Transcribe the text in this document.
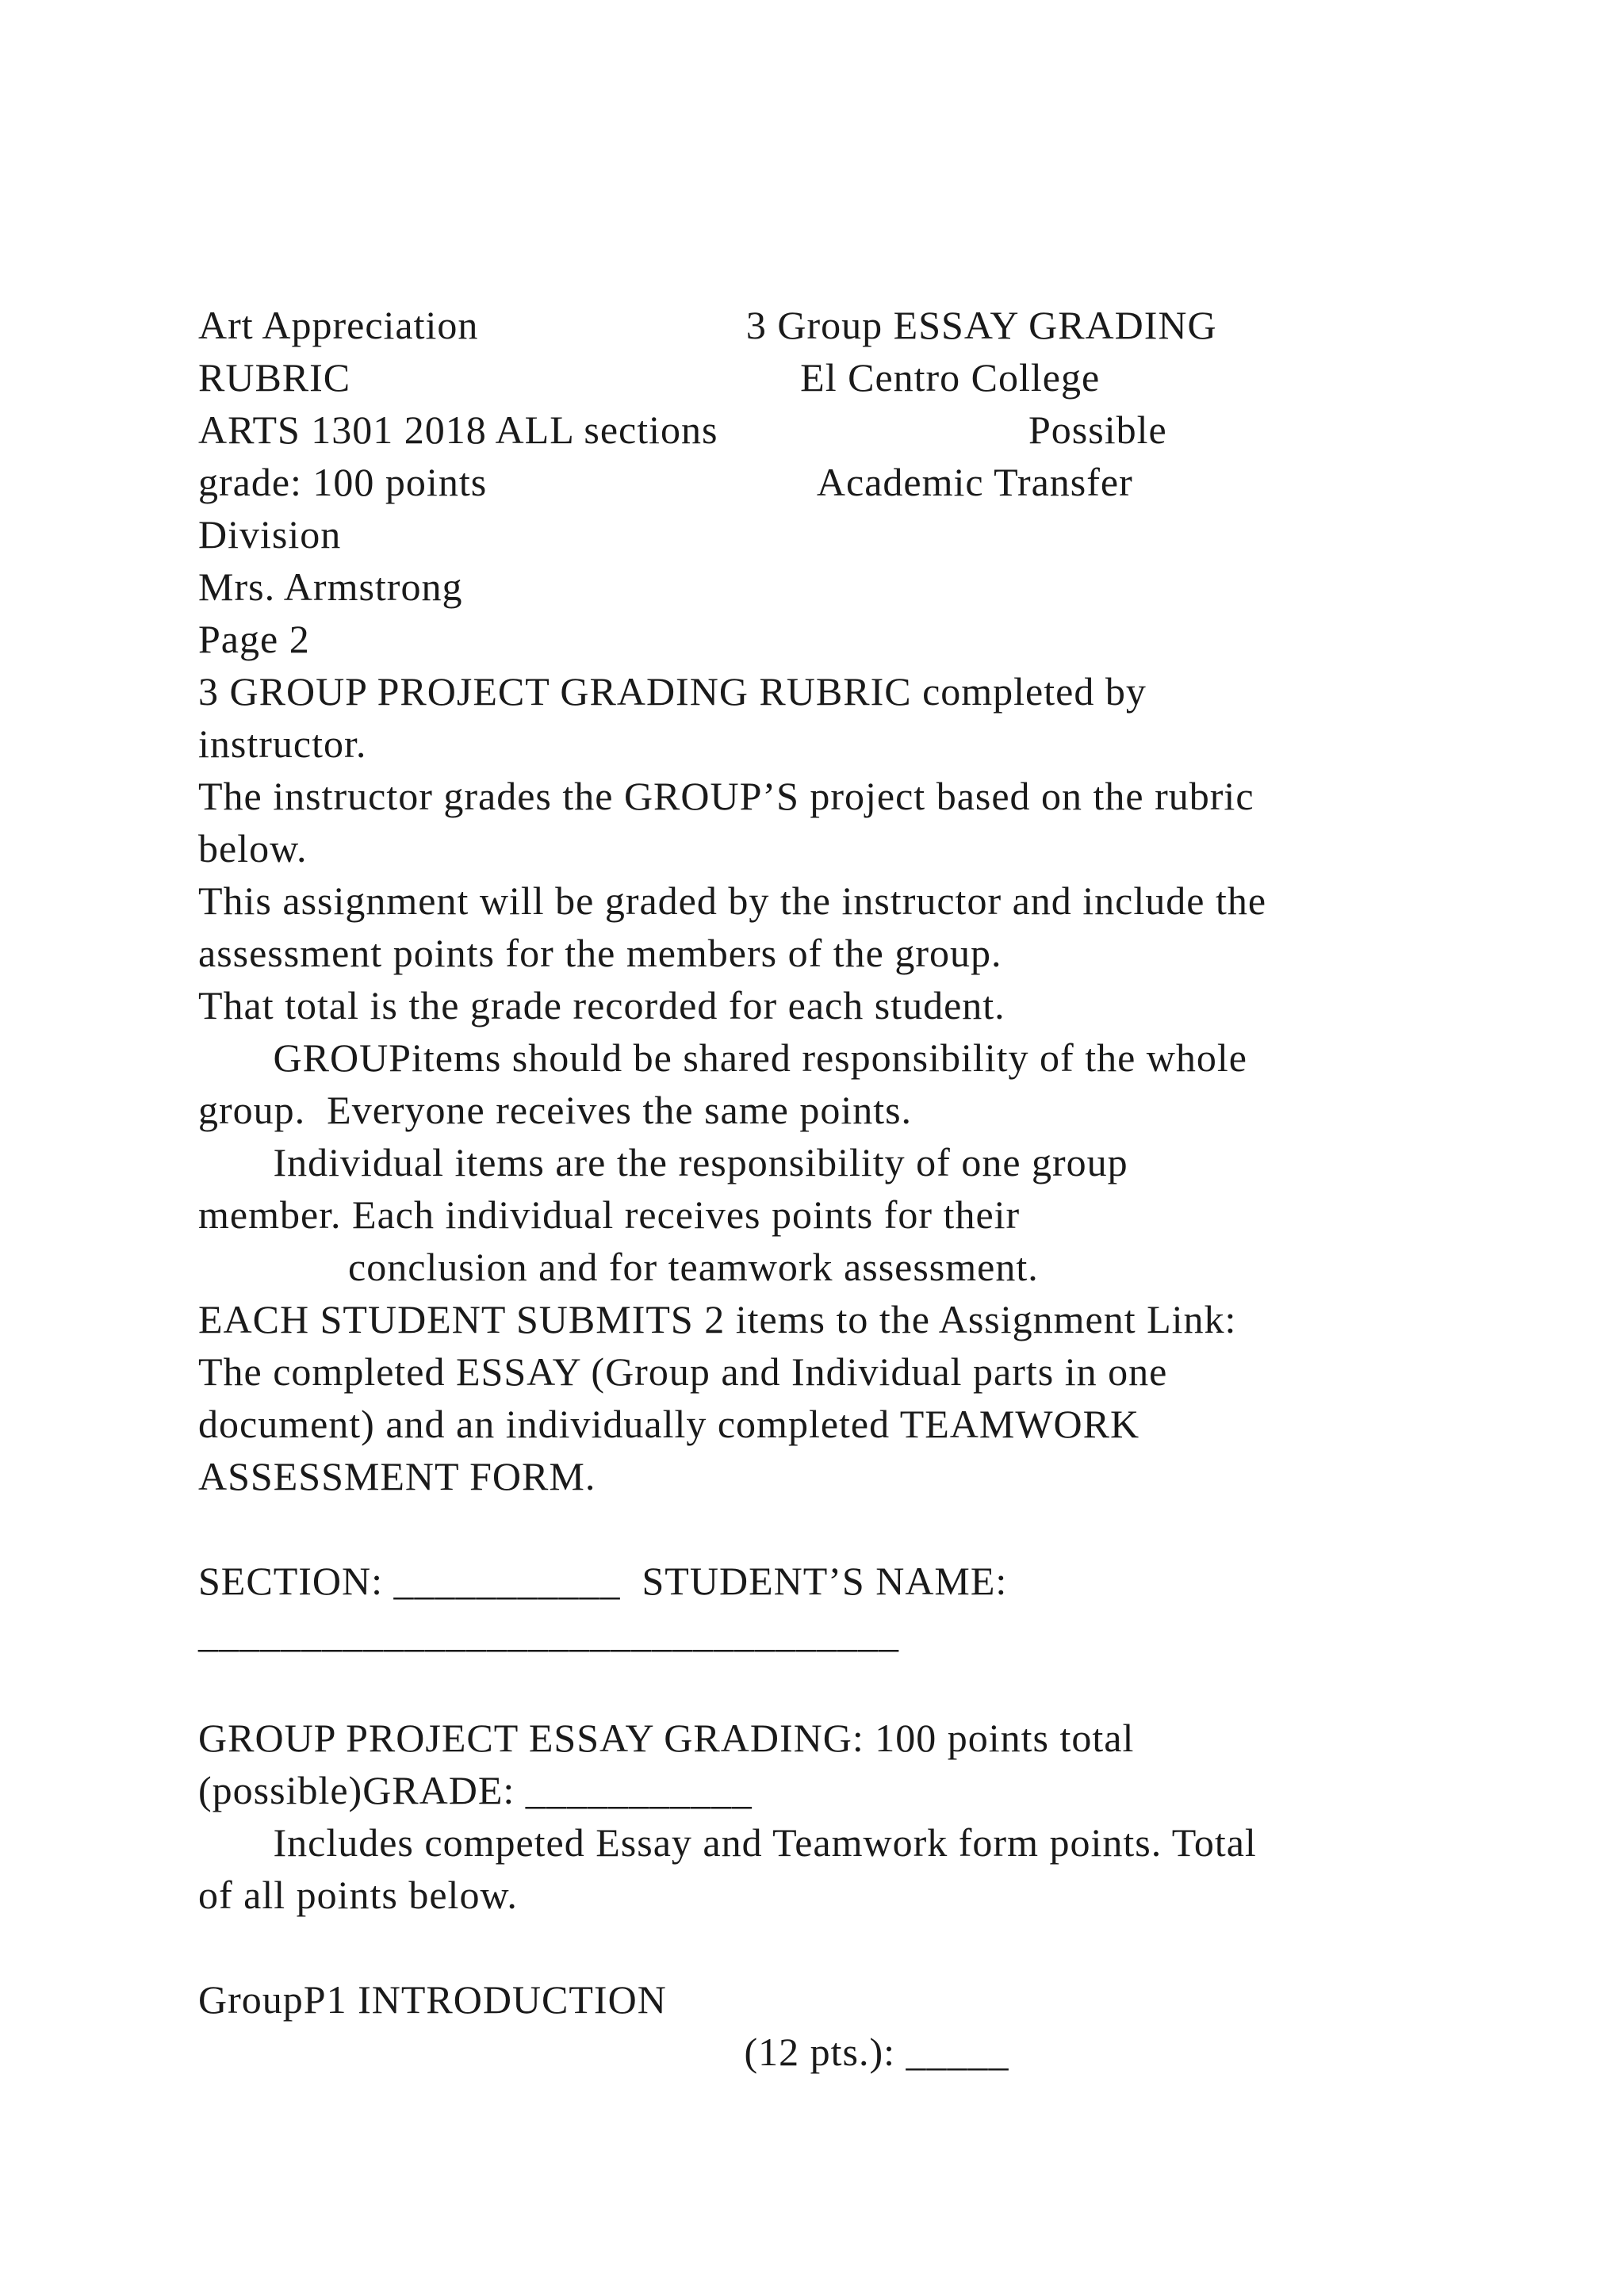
Art Appreciation                         3 Group ESSAY GRADING

RUBRIC                                          El Centro College

ARTS 1301 2018 ALL sections                             Possible

grade: 100 points                               Academic Transfer

Division

Mrs. Armstrong

Page 2

3 GROUP PROJECT GRADING RUBRIC completed by

instructor.

The instructor grades the GROUP’S project based on the rubric

below.

This assignment will be graded by the instructor and include the

assessment points for the members of the group.

That total is the grade recorded for each student.

GROUPitems should be shared responsibility of the whole

group.  Everyone receives the same points.

Individual items are the responsibility of one group

member. Each individual receives points for their

conclusion and for teamwork assessment.

EACH STUDENT SUBMITS 2 items to the Assignment Link:

The completed ESSAY (Group and Individual parts in one

document) and an individually completed TEAMWORK

ASSESSMENT FORM.

SECTION: ___________  STUDENT’S NAME:

__________________________________

GROUP PROJECT ESSAY GRADING: 100 points total

(possible)GRADE: ___________

Includes competed Essay and Teamwork form points. Total

of all points below.

GroupP1 INTRODUCTION

(12 pts.): _____
